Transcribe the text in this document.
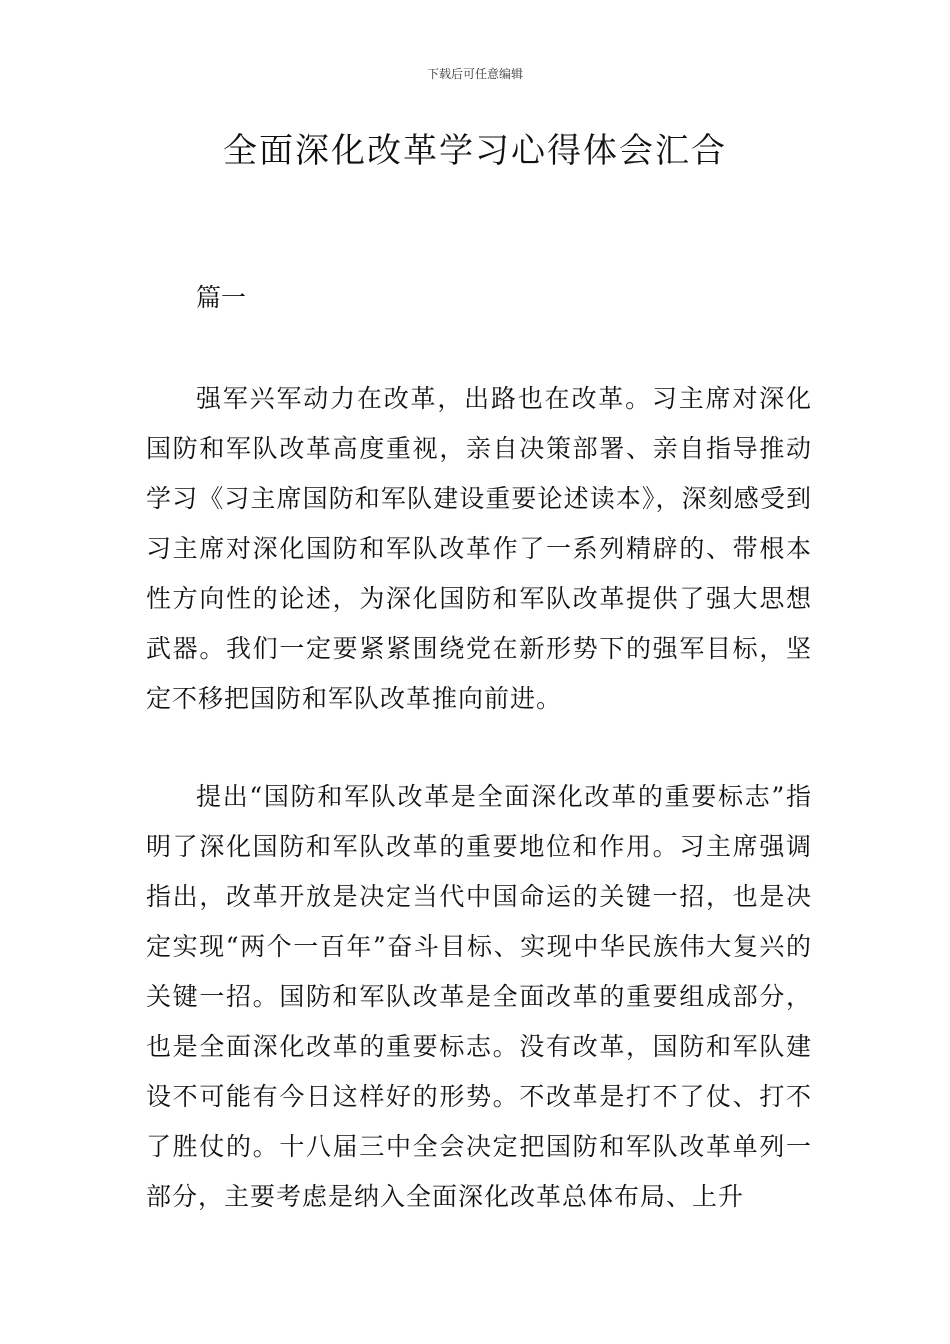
下载后可任意编辑
全面深化改革学习心得体会汇合

篇一

强军兴军动力在改革，出路也在改革。习主席对深化国防和军队改革高度重视，亲自决策部署、亲自指导推动学习《习主席国防和军队建设重要论述读本》，深刻感受到习主席对深化国防和军队改革作了一系列精辟的、带根本性方向性的论述，为深化国防和军队改革提供了强大思想武器。我们一定要紧紧围绕党在新形势下的强军目标，坚定不移把国防和军队改革推向前进。

提出“国防和军队改革是全面深化改革的重要标志”指明了深化国防和军队改革的重要地位和作用。习主席强调指出，改革开放是决定当代中国命运的关键一招，也是决定实现“两个一百年”奋斗目标、实现中华民族伟大复兴的关键一招。国防和军队改革是全面改革的重要组成部分，也是全面深化改革的重要标志。没有改革，国防和军队建设不可能有今日这样好的形势。不改革是打不了仗、打不了胜仗的。十八届三中全会决定把国防和军队改革单列一部分，主要考虑是纳入全面深化改革总体布局、上升
